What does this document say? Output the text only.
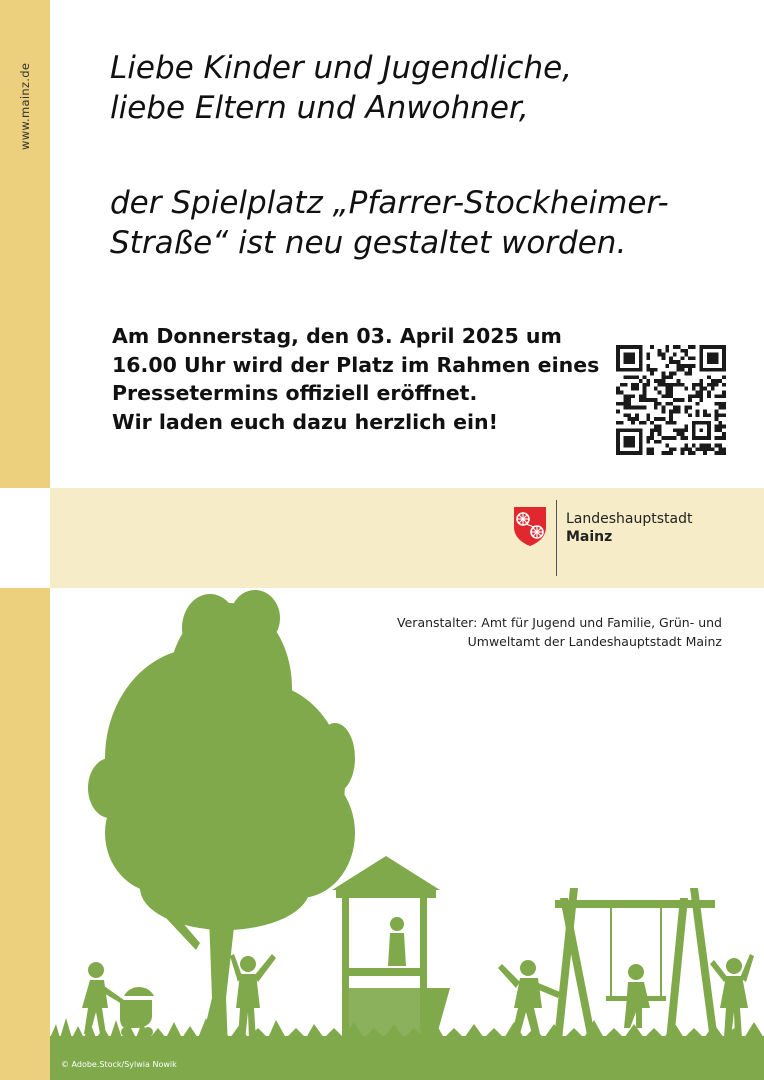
www.mainz.de	Liebe Kinder und Jugendliche,
liebe Eltern und Anwohner,
der Spielplatz „Pfarrer-Stockheimer-
Straße“ ist neu gestaltet worden.

Am Donnerstag, den 03. April 2025 um
16.00 Uhr wird der Platz im Rahmen eines
Pressetermins offiziell eröffnet.
Wir laden euch dazu herzlich ein!

Landeshauptstadt
Mainz

Veranstalter: Amt für Jugend und Familie, Grün- und
Umweltamt der Landeshauptstadt Mainz

© Adobe.Stock/Sylwia Nowik
